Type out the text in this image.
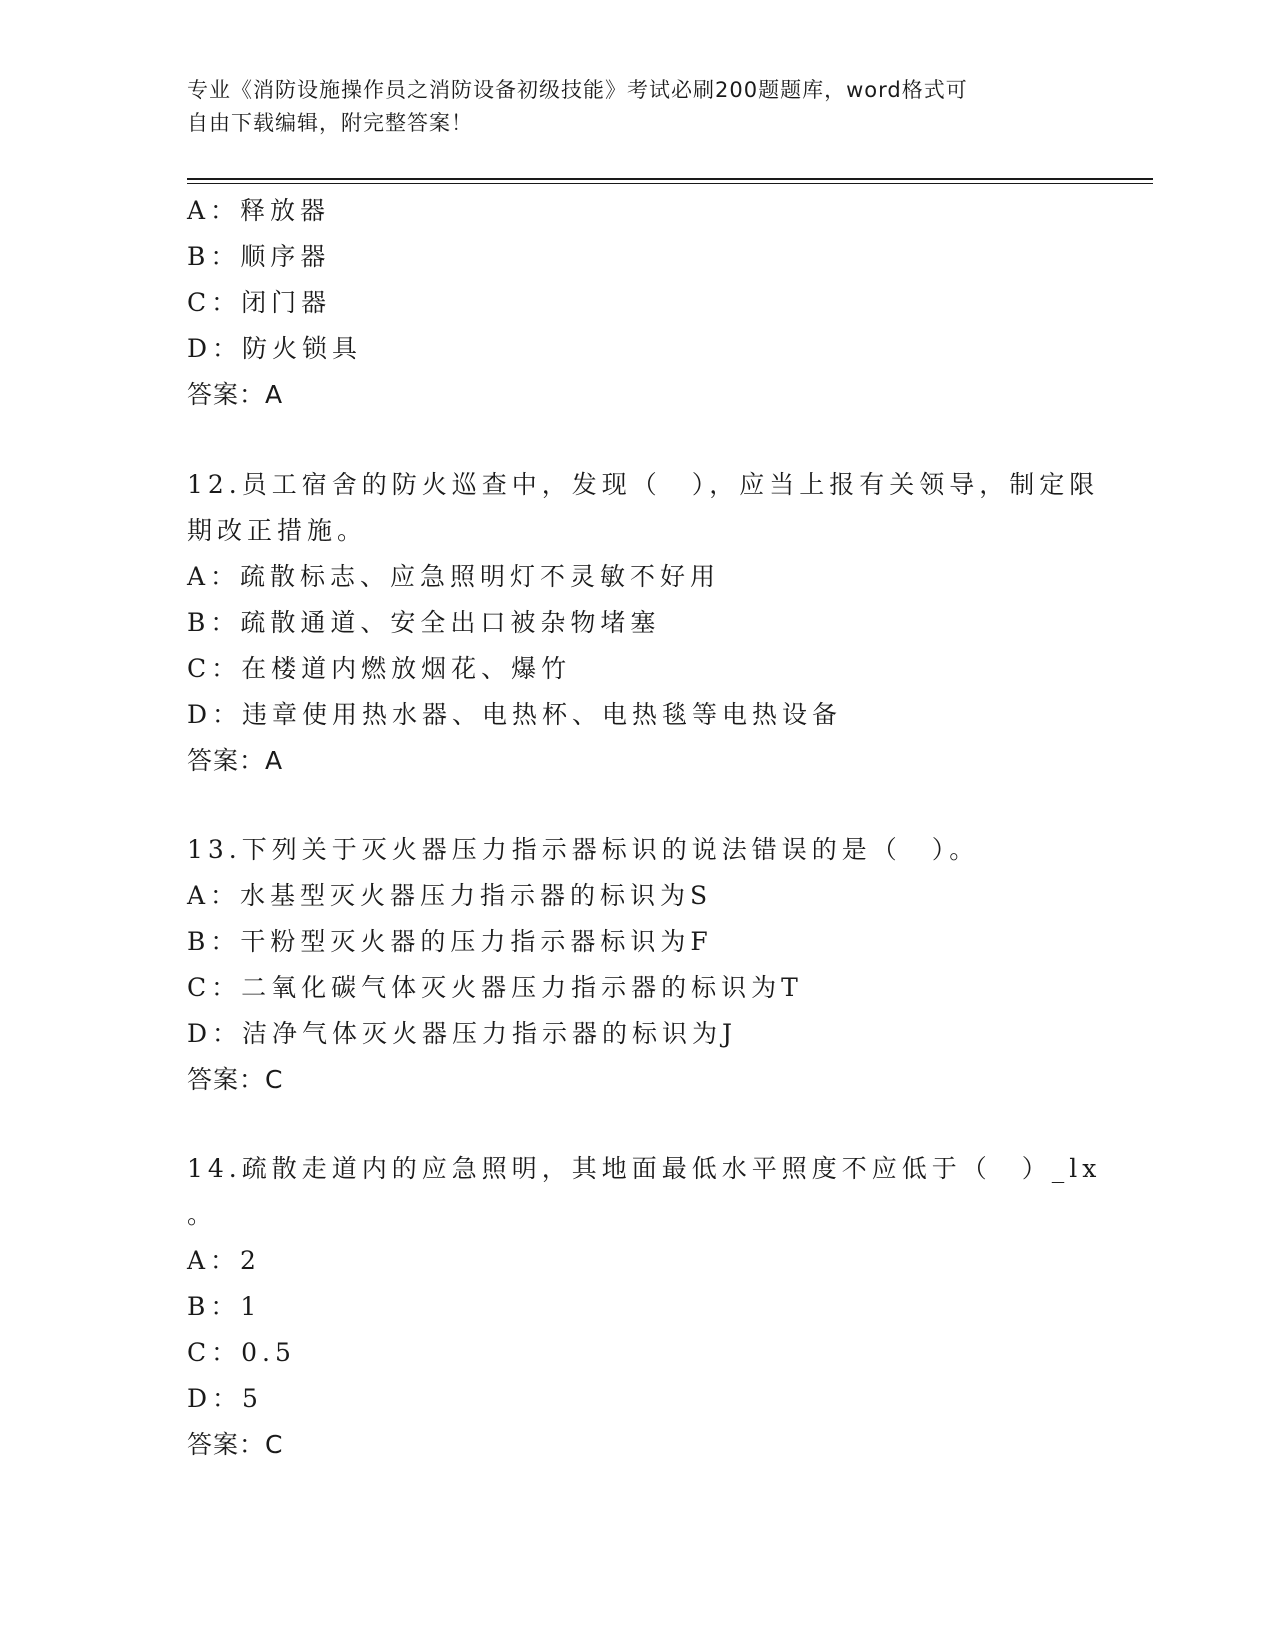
专业《消防设施操作员之消防设备初级技能》考试必刷200题题库，word格式可
自由下载编辑，附完整答案！
A：释放器
B：顺序器
C：闭门器
D：防火锁具
答案：A
12.员工宿舍的防火巡查中，发现（　），应当上报有关领导，制定限
期改正措施。
A：疏散标志、应急照明灯不灵敏不好用
B：疏散通道、安全出口被杂物堵塞
C：在楼道内燃放烟花、爆竹
D：违章使用热水器、电热杯、电热毯等电热设备
答案：A
13.下列关于灭火器压力指示器标识的说法错误的是（　）。
A：水基型灭火器压力指示器的标识为S
B：干粉型灭火器的压力指示器标识为F
C：二氧化碳气体灭火器压力指示器的标识为T
D：洁净气体灭火器压力指示器的标识为J
答案：C
14.疏散走道内的应急照明，其地面最低水平照度不应低于（　）_lx
。
A：2
B：1
C：0.5
D：5
答案：C
